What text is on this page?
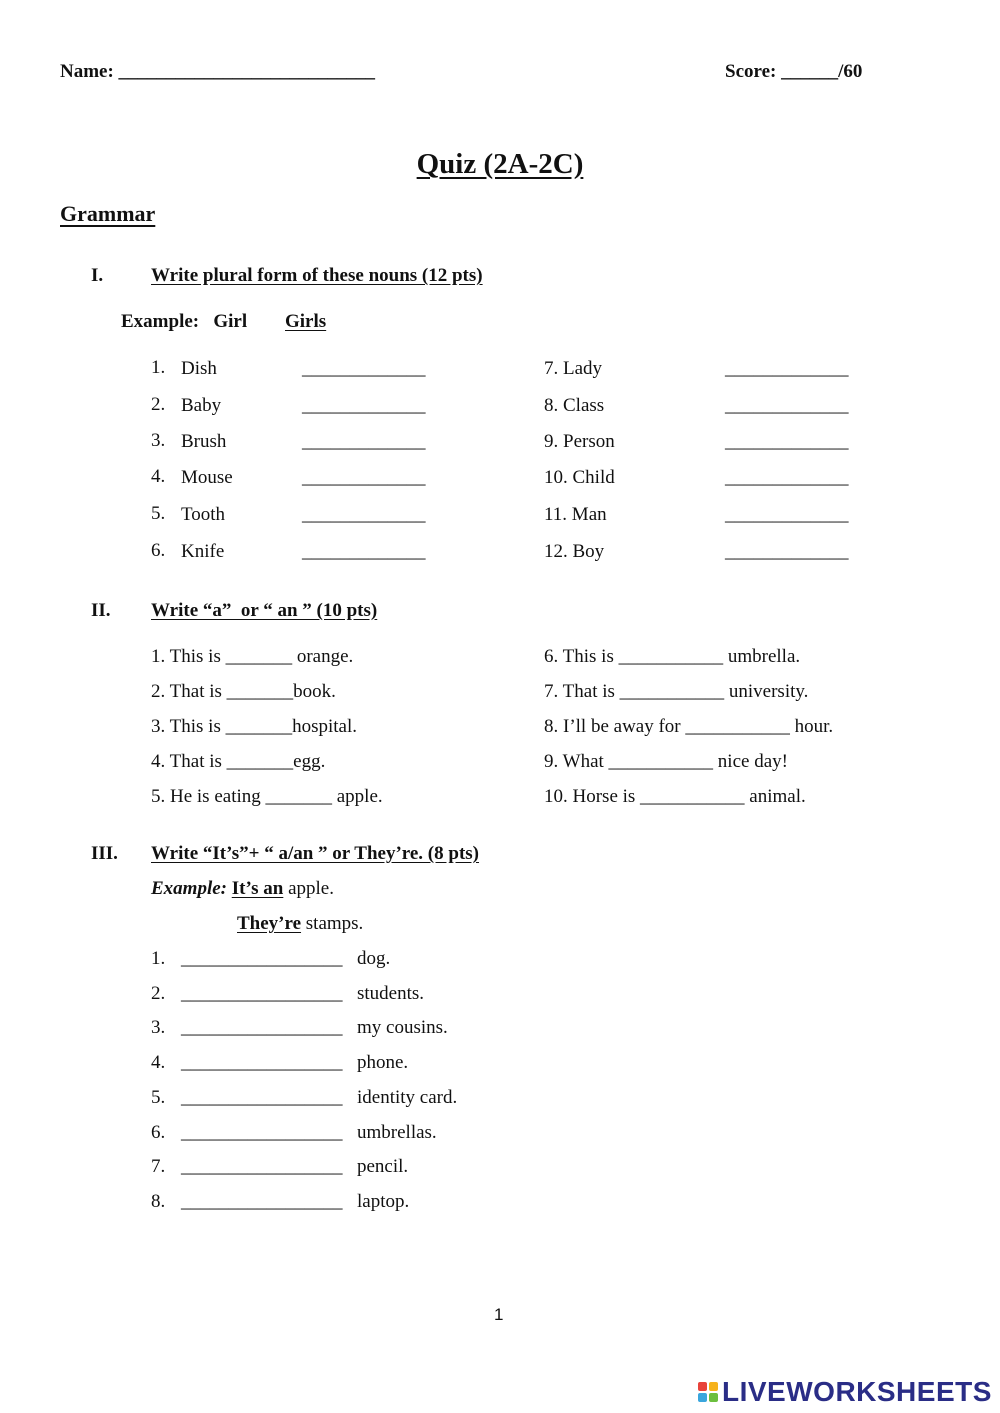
Name: ___________________________	Score: ______/60
Quiz (2A-2C)
Grammar
I.	Write plural form of these nouns (12 pts)
Example:   Girl Girls
1. Dish	_____________
2. Baby	_____________
3. Brush	_____________
4. Mouse	_____________
5. Tooth	_____________
6. Knife	_____________
7. Lady	_____________
8. Class	_____________
9. Person	_____________
10. Child	_____________
11. Man	_____________
12. Boy	_____________
II. Write “a”  or “ an ” (10 pts)
1. This is _______ orange.
2. That is _______book.
3. This is _______hospital.
4. That is _______egg.
5. He is eating _______ apple.
6. This is ___________ umbrella.
7. That is ___________ university.
8. I’ll be away for ___________ hour.
9. What ___________ nice day!
10. Horse is ___________ animal.
III. Write “It’s”+ “ a/an ” or They’re. (8 pts)
Example: It’s an apple.
They’re stamps.
1. _________________ dog.
2. _________________ students.
3. _________________ my cousins.
4. _________________ phone.
5. _________________ identity card.
6. _________________ umbrellas.
7. _________________ pencil.
8. _________________ laptop.
1
LIVEWORKSHEETS
